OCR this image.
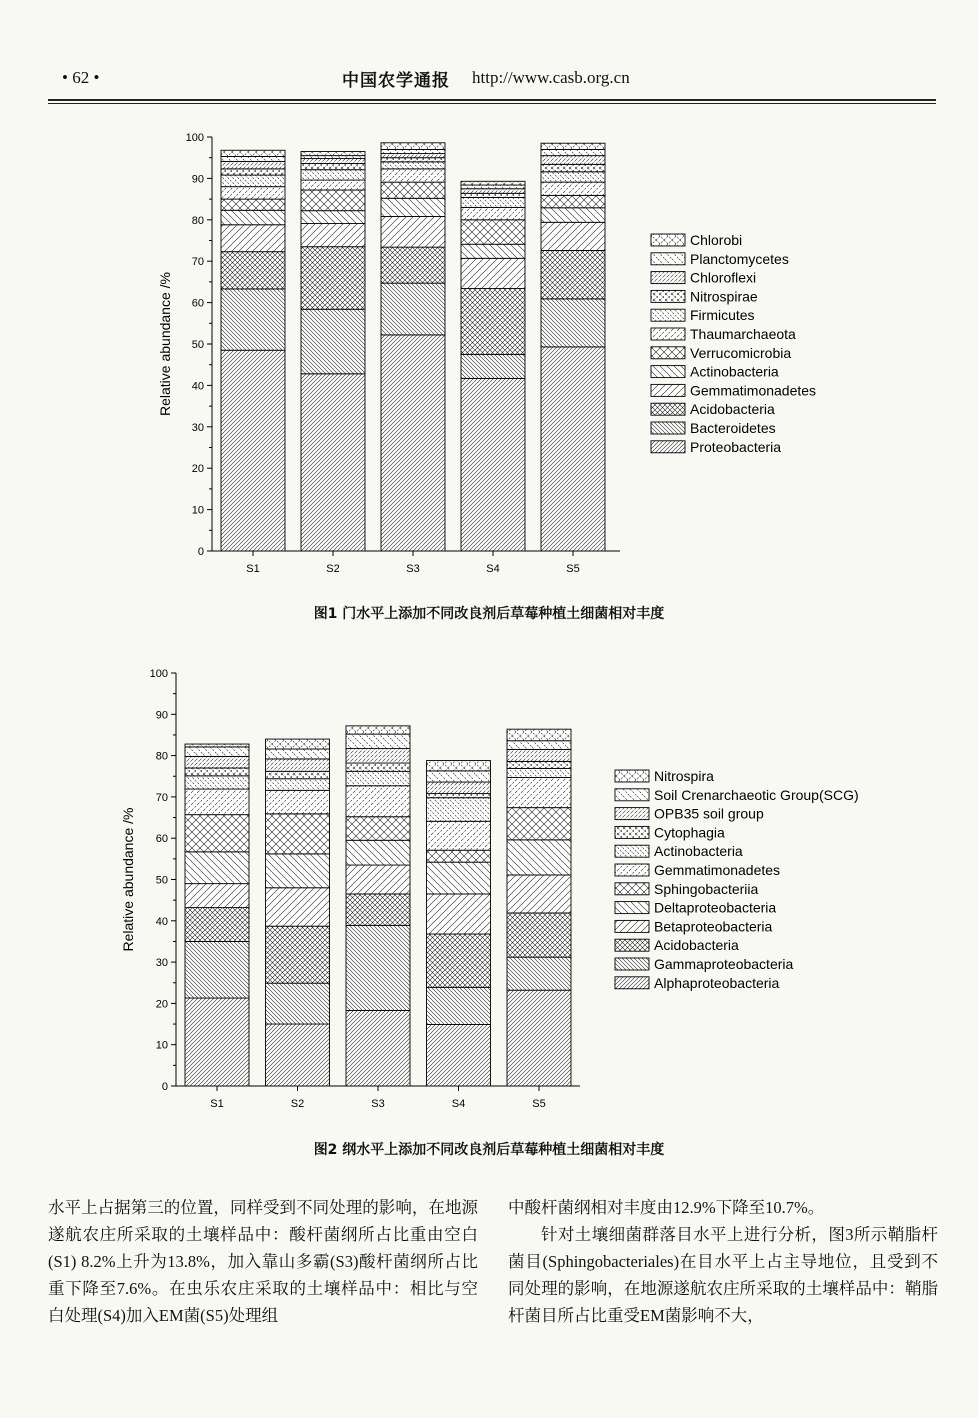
• 62 •	中国农学通报 http://www.casb.org.cn
0
10
20
30
40
50
60
70
80
90
100
Relative abundance /%
S1	S2	S3	S4	S5
Chlorobi
Planctomycetes
Chloroflexi
Nitrospirae
Firmicutes
Thaumarchaeota
Verrucomicrobia
Actinobacteria
Gemmatimonadetes
Acidobacteria
Bacteroidetes
Proteobacteria
图1 门水平上添加不同改良剂后草莓种植土细菌相对丰度
0
10
20
30
40
50
60
70
80
90
100
Relative abundance /%
S1	S2	S3	S4	S5
Nitrospira
Soil Crenarchaeotic Group(SCG)
OPB35 soil group
Cytophagia
Actinobacteria
Gemmatimonadetes
Sphingobacteriia
Deltaproteobacteria
Betaproteobacteria
Acidobacteria
Gammaproteobacteria
Alphaproteobacteria
图2 纲水平上添加不同改良剂后草莓种植土细菌相对丰度

水平上占据第三的位置，同样受到不同处理的影响，在地源遂航农庄所采取的土壤样品中：酸杆菌纲所占比重由空白(S1) 8.2%上升为13.8%，加入靠山多霸(S3)酸杆菌纲所占比重下降至7.6%。在虫乐农庄采取的土壤样品中：相比与空白处理(S4)加入EM菌(S5)处理组

中酸杆菌纲相对丰度由12.9%下降至10.7%。

针对土壤细菌群落目水平上进行分析，图3所示鞘脂杆菌目(Sphingobacteriales)在目水平上占主导地位，且受到不同处理的影响，在地源遂航农庄所采取的土壤样品中：鞘脂杆菌目所占比重受EM菌影响不大，
